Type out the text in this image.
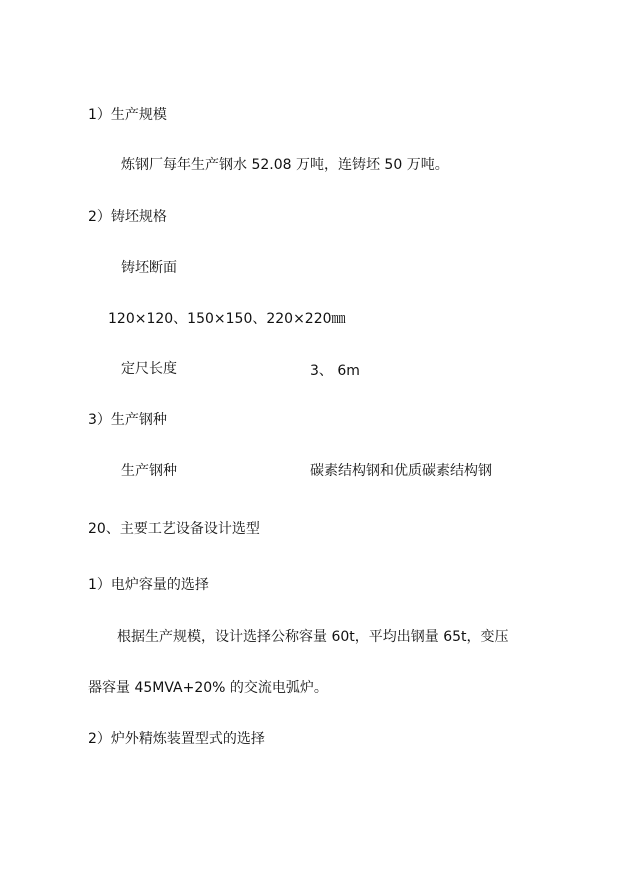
1）生产规模
炼钢厂每年生产钢水 52.08 万吨，连铸坯 50 万吨。
2）铸坯规格
铸坯断面
120×120、150×150、220×220㎜
定尺长度	3、 6m
3）生产钢种
生产钢种	碳素结构钢和优质碳素结构钢
20、主要工艺设备设计选型
1）电炉容量的选择
根据生产规模，设计选择公称容量 60t，平均出钢量 65t，变压
器容量 45MVA+20% 的交流电弧炉。
2）炉外精炼装置型式的选择
